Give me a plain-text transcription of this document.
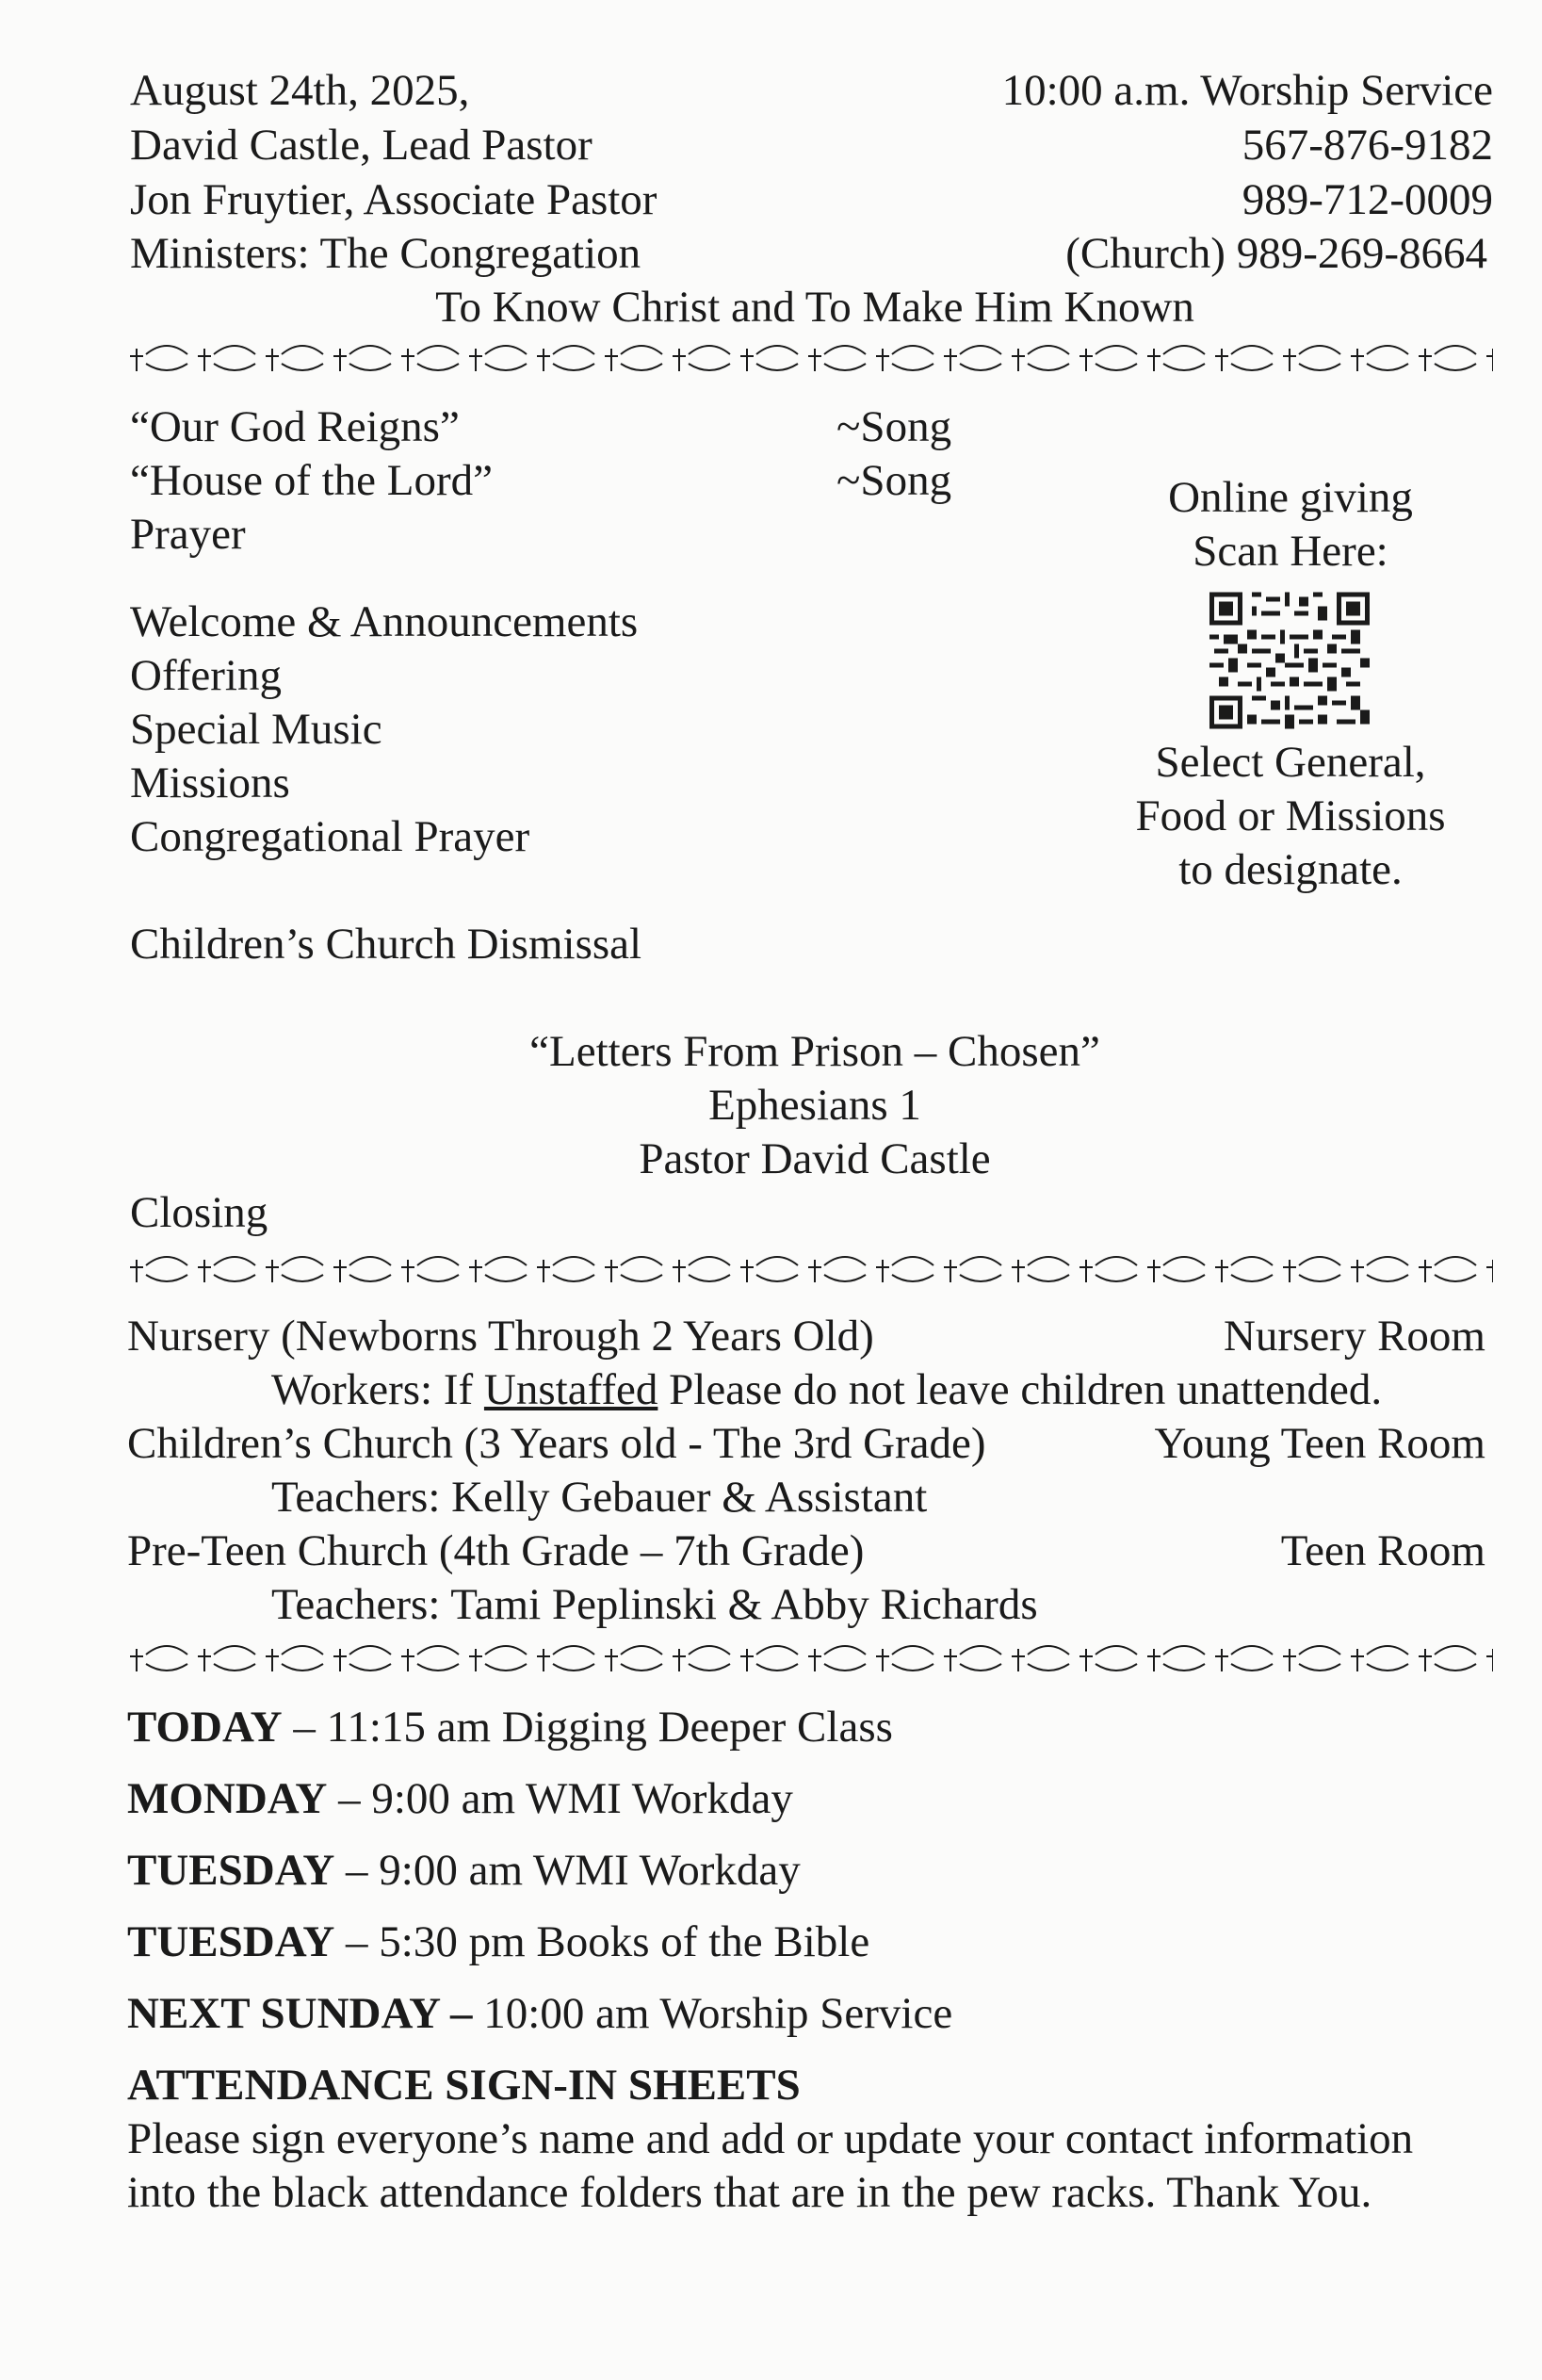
August 24th, 2025,	10:00 a.m. Worship Service
David Castle, Lead Pastor	567-876-9182
Jon Fruytier, Associate Pastor	989-712-0009
Ministers: The Congregation	(Church) 989-269-8664
To Know Christ and To Make Him Known
“Our God Reigns”	~Song
“House of the Lord”	~Song
Prayer
Welcome & Announcements
Offering
Special Music
Missions
Congregational Prayer
Children’s Church Dismissal
Online giving
Scan Here:
Select General,
Food or Missions
to designate.
“Letters From Prison – Chosen”
Ephesians 1
Pastor David Castle
Closing
Nursery (Newborns Through 2 Years Old)	Nursery Room
Workers: If Unstaffed Please do not leave children unattended.
Children’s Church (3 Years old - The 3rd Grade)	Young Teen Room
Teachers: Kelly Gebauer & Assistant
Pre-Teen Church (4th Grade – 7th Grade)	Teen Room
Teachers: Tami Peplinski & Abby Richards
TODAY – 11:15 am Digging Deeper Class
MONDAY – 9:00 am WMI Workday
TUESDAY – 9:00 am WMI Workday
TUESDAY – 5:30 pm Books of the Bible
NEXT SUNDAY – 10:00 am Worship Service
ATTENDANCE SIGN-IN SHEETS
Please sign everyone’s name and add or update your contact information
into the black attendance folders that are in the pew racks. Thank You.
